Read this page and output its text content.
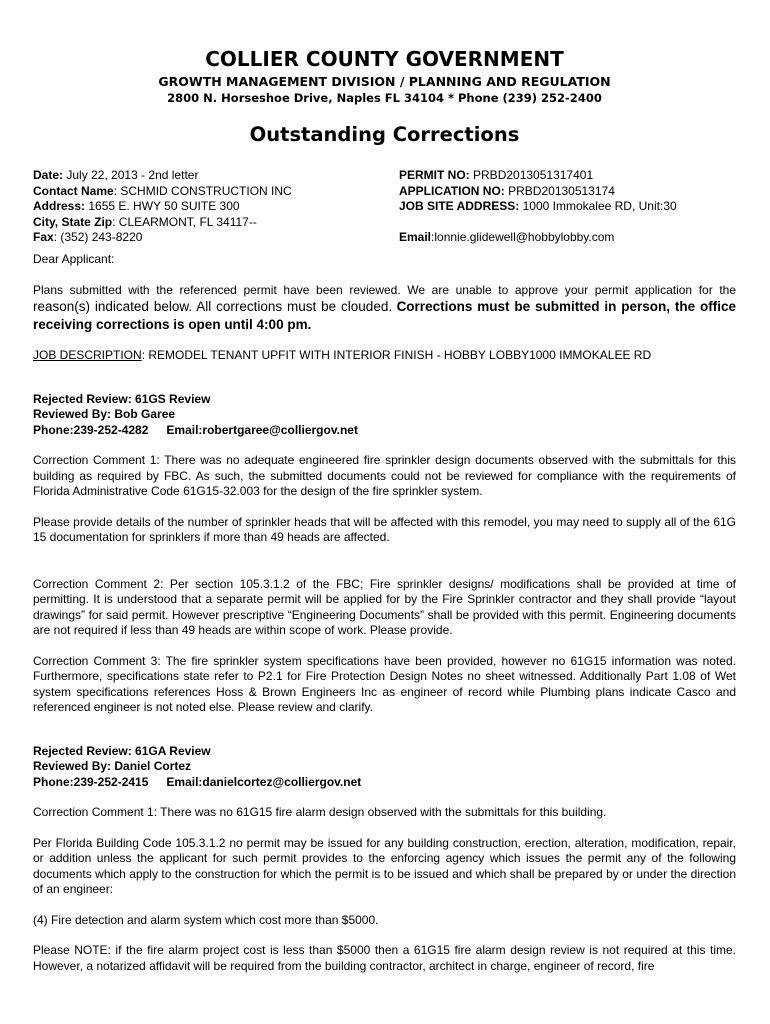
COLLIER COUNTY GOVERNMENT
GROWTH MANAGEMENT DIVISION / PLANNING AND REGULATION
2800 N. Horseshoe Drive, Naples FL 34104 * Phone (239) 252-2400
Outstanding Corrections
Date: July 22, 2013 - 2nd letter
Contact Name: SCHMID CONSTRUCTION INC
Address: 1655 E. HWY 50 SUITE 300
City, State Zip: CLEARMONT, FL 34117--
Fax: (352) 243-8220
PERMIT NO: PRBD2013051317401
APPLICATION NO: PRBD20130513174
JOB SITE ADDRESS: 1000 Immokalee RD, Unit:30
Email:lonnie.glidewell@hobbylobby.com

Dear Applicant:

Plans submitted with the referenced permit have been reviewed. We are unable to approve your permit application for the reason(s) indicated below. All corrections must be clouded. Corrections must be submitted in person, the office receiving corrections is open until 4:00 pm.

JOB DESCRIPTION: REMODEL TENANT UPFIT WITH INTERIOR FINISH - HOBBY LOBBY1000 IMMOKALEE RD

Rejected Review: 61GS Review
Reviewed By: Bob Garee
Phone:239-252-4282 Email:robertgaree@colliergov.net

Correction Comment 1: There was no adequate engineered fire sprinkler design documents observed with the submittals for this building as required by FBC. As such, the submitted documents could not be reviewed for compliance with the requirements of Florida Administrative Code 61G15-32.003 for the design of the fire sprinkler system.

Please provide details of the number of sprinkler heads that will be affected with this remodel, you may need to supply all of the 61G 15 documentation for sprinklers if more than 49 heads are affected.

Correction Comment 2: Per section 105.3.1.2 of the FBC; Fire sprinkler designs/ modifications shall be provided at time of permitting. It is understood that a separate permit will be applied for by the Fire Sprinkler contractor and they shall provide “layout drawings” for said permit. However prescriptive “Engineering Documents” shall be provided with this permit. Engineering documents are not required if less than 49 heads are within scope of work. Please provide.

Correction Comment 3: The fire sprinkler system specifications have been provided, however no 61G15 information was noted. Furthermore, specifications state refer to P2.1 for Fire Protection Design Notes no sheet witnessed. Additionally Part 1.08 of Wet system specifications references Hoss & Brown Engineers Inc as engineer of record while Plumbing plans indicate Casco and referenced engineer is not noted else. Please review and clarify.

Rejected Review: 61GA Review
Reviewed By: Daniel Cortez
Phone:239-252-2415 Email:danielcortez@colliergov.net

Correction Comment 1: There was no 61G15 fire alarm design observed with the submittals for this building.

Per Florida Building Code 105.3.1.2 no permit may be issued for any building construction, erection, alteration, modification, repair, or addition unless the applicant for such permit provides to the enforcing agency which issues the permit any of the following documents which apply to the construction for which the permit is to be issued and which shall be prepared by or under the direction of an engineer:

(4) Fire detection and alarm system which cost more than $5000.

Please NOTE: if the fire alarm project cost is less than $5000 then a 61G15 fire alarm design review is not required at this time. However, a notarized affidavit will be required from the building contractor, architect in charge, engineer of record, fire
